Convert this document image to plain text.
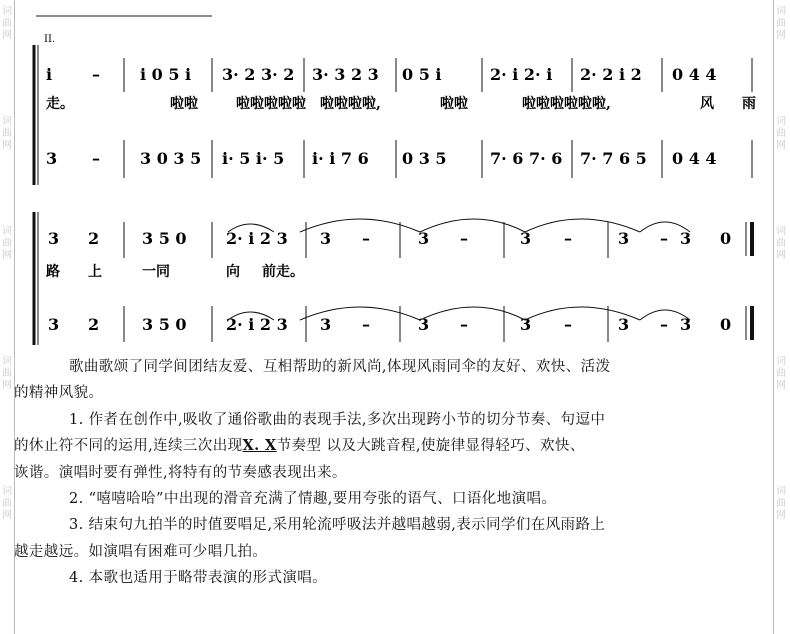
词曲网
词曲网
词曲网
词曲网
词曲网
词曲网
词曲网
词曲网
词曲网
词曲网
II.
i –	i 0 5 i 3· 2 3· 2 3· 3 2 3 0 5 i	2· i 2· i 2· 2 i 2 0 4 4
走。	啦啦	啦啦啦啦啦 啦啦啦啦,	啦啦	啦啦啦啦啦啦,	风 雨
3 –	3 0 3 5 i· 5 i· 5 i· i 7 6 0 3 5	7· 6 7· 6 7· 7 6 5 0 4 4
3 2	3 5 0 2· i 2 3 3 –	3 –	3 –	3 – 3 0
路 上	一同	向 前走。
3 2	3 5 0 2· i 2 3 3 –	3 –	3 –	3 – 3 0

歌曲歌颂了同学间团结友爱、互相帮助的新风尚,体现风雨同伞的友好、欢快、活泼

的精神风貌。

1. 作者在创作中,吸收了通俗歌曲的表现手法,多次出现跨小节的切分节奏、句逗中

的休止符不同的运用,连续三次出现X. X节奏型 以及大跳音程,使旋律显得轻巧、欢快、

诙谐。演唱时要有弹性,将特有的节奏感表现出来。

2. “嘻嘻哈哈”中出现的滑音充满了情趣,要用夸张的语气、口语化地演唱。

3. 结束句九拍半的时值要唱足,采用轮流呼吸法并越唱越弱,表示同学们在风雨路上

越走越远。如演唱有困难可少唱几拍。

4. 本歌也适用于略带表演的形式演唱。
